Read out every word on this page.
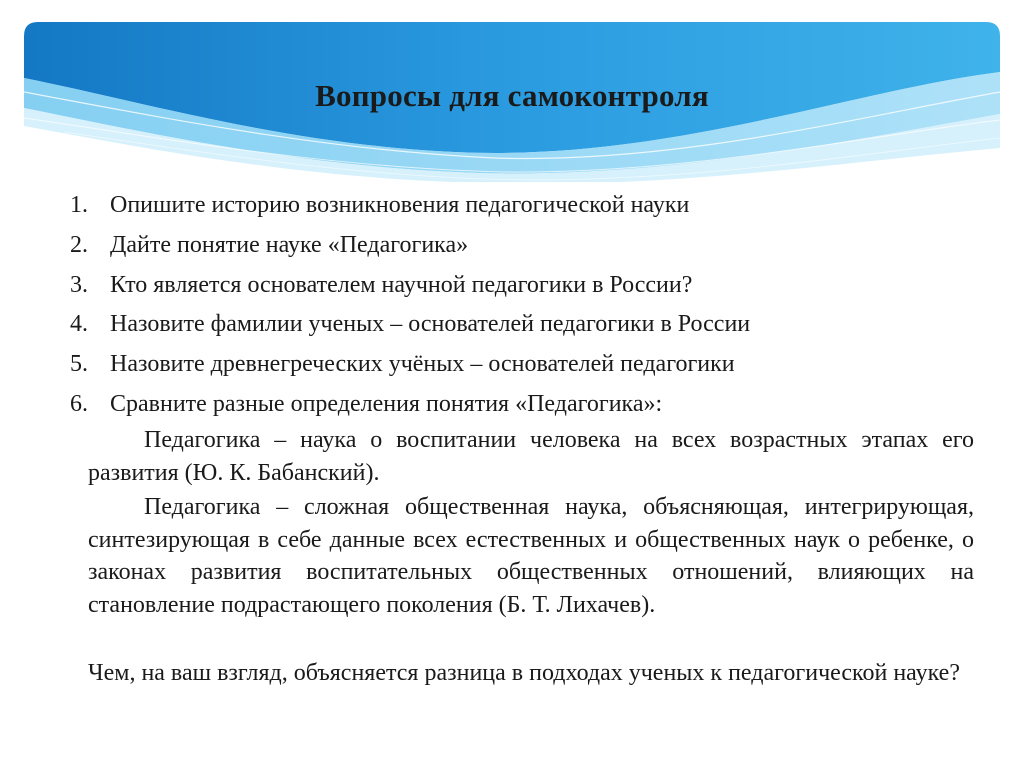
Вопросы для самоконтроля
1. Опишите историю возникновения педагогической науки
2. Дайте понятие науке «Педагогика»
3. Кто является основателем научной педагогики в России?
4. Назовите фамилии ученых – основателей педагогики в России
5. Назовите древнегреческих учёных – основателей педагогики
6. Сравните разные определения понятия «Педагогика»:

Педагогика – наука о воспитании человека на всех возрастных этапах его развития (Ю. К. Бабанский).

Педагогика – сложная общественная наука, объясняющая, интегрирующая, синтезирующая в себе данные всех естественных и общественных наук о ребенке, о законах развития воспитательных общественных отношений, влияющих на становление подрастающего поколения (Б. Т. Лихачев).

Чем, на ваш взгляд, объясняется разница в подходах ученых к педагогической науке?
